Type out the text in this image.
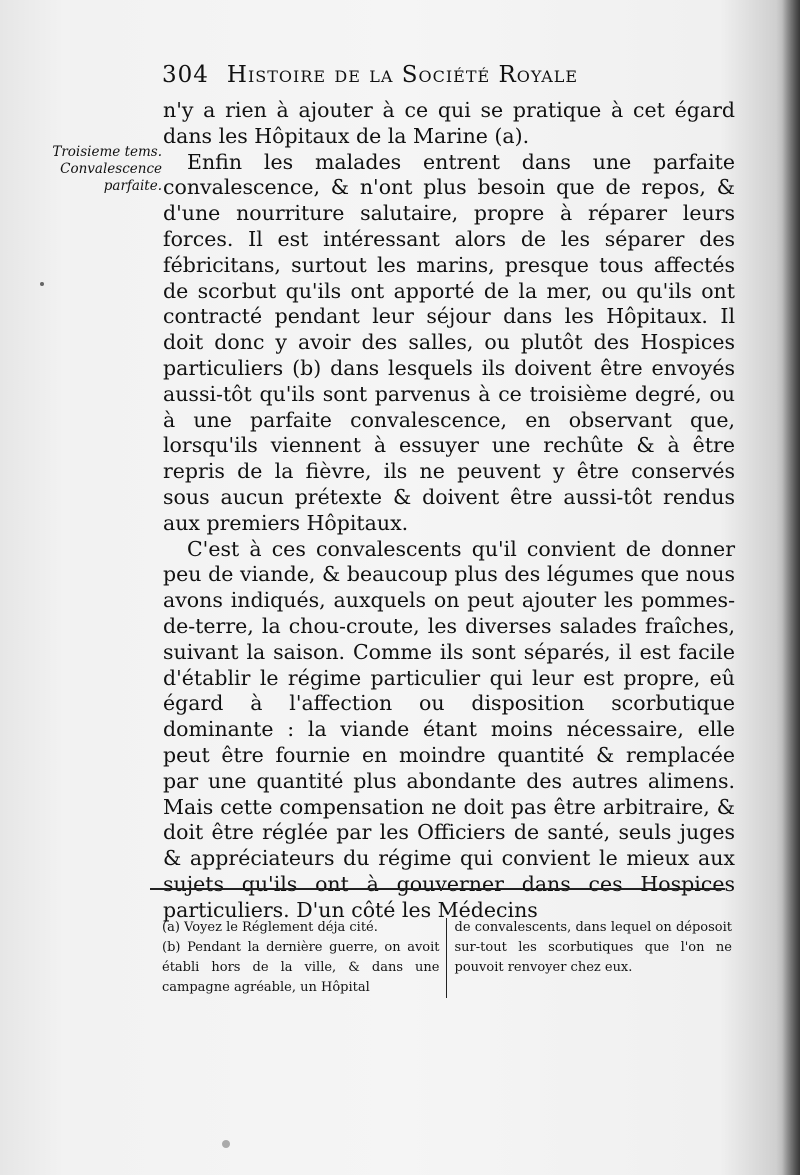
304 Histoire de la Société Royale
Troisieme tems.
Convalescence
parfaite.

n'y a rien à ajouter à ce qui se pratique à cet égard dans les Hôpitaux de la Marine (a).

Enfin les malades entrent dans une parfaite convalescence, & n'ont plus besoin que de repos, & d'une nourriture salutaire, propre à réparer leurs forces. Il est intéressant alors de les séparer des fébricitans, surtout les marins, presque tous affectés de scorbut qu'ils ont apporté de la mer, ou qu'ils ont contracté pendant leur séjour dans les Hôpitaux. Il doit donc y avoir des salles, ou plutôt des Hospices particuliers (b) dans lesquels ils doivent être envoyés aussi-tôt qu'ils sont parvenus à ce troisième degré, ou à une parfaite convalescence, en observant que, lorsqu'ils viennent à essuyer une rechûte & à être repris de la fièvre, ils ne peuvent y être conservés sous aucun prétexte & doivent être aussi-tôt rendus aux premiers Hôpitaux.

C'est à ces convalescents qu'il convient de donner peu de viande, & beaucoup plus des légumes que nous avons indiqués, auxquels on peut ajouter les pommes-de-terre, la chou-croute, les diverses salades fraîches, suivant la saison. Comme ils sont séparés, il est facile d'établir le régime particulier qui leur est propre, eû égard à l'affection ou disposition scorbutique dominante : la viande étant moins nécessaire, elle peut être fournie en moindre quantité & remplacée par une quantité plus abondante des autres alimens. Mais cette compensation ne doit pas être arbitraire, & doit être réglée par les Officiers de santé, seuls juges & appréciateurs du régime qui convient le mieux aux sujets qu'ils ont à gouverner dans ces Hospices particuliers. D'un côté les Médecins

(a) Voyez le Réglement déja cité.

(b) Pendant la dernière guerre, on avoit établi hors de la ville, & dans une campagne agréable, un Hôpital

de convalescents, dans lequel on déposoit sur-tout les scorbutiques que l'on ne pouvoit renvoyer chez eux.
